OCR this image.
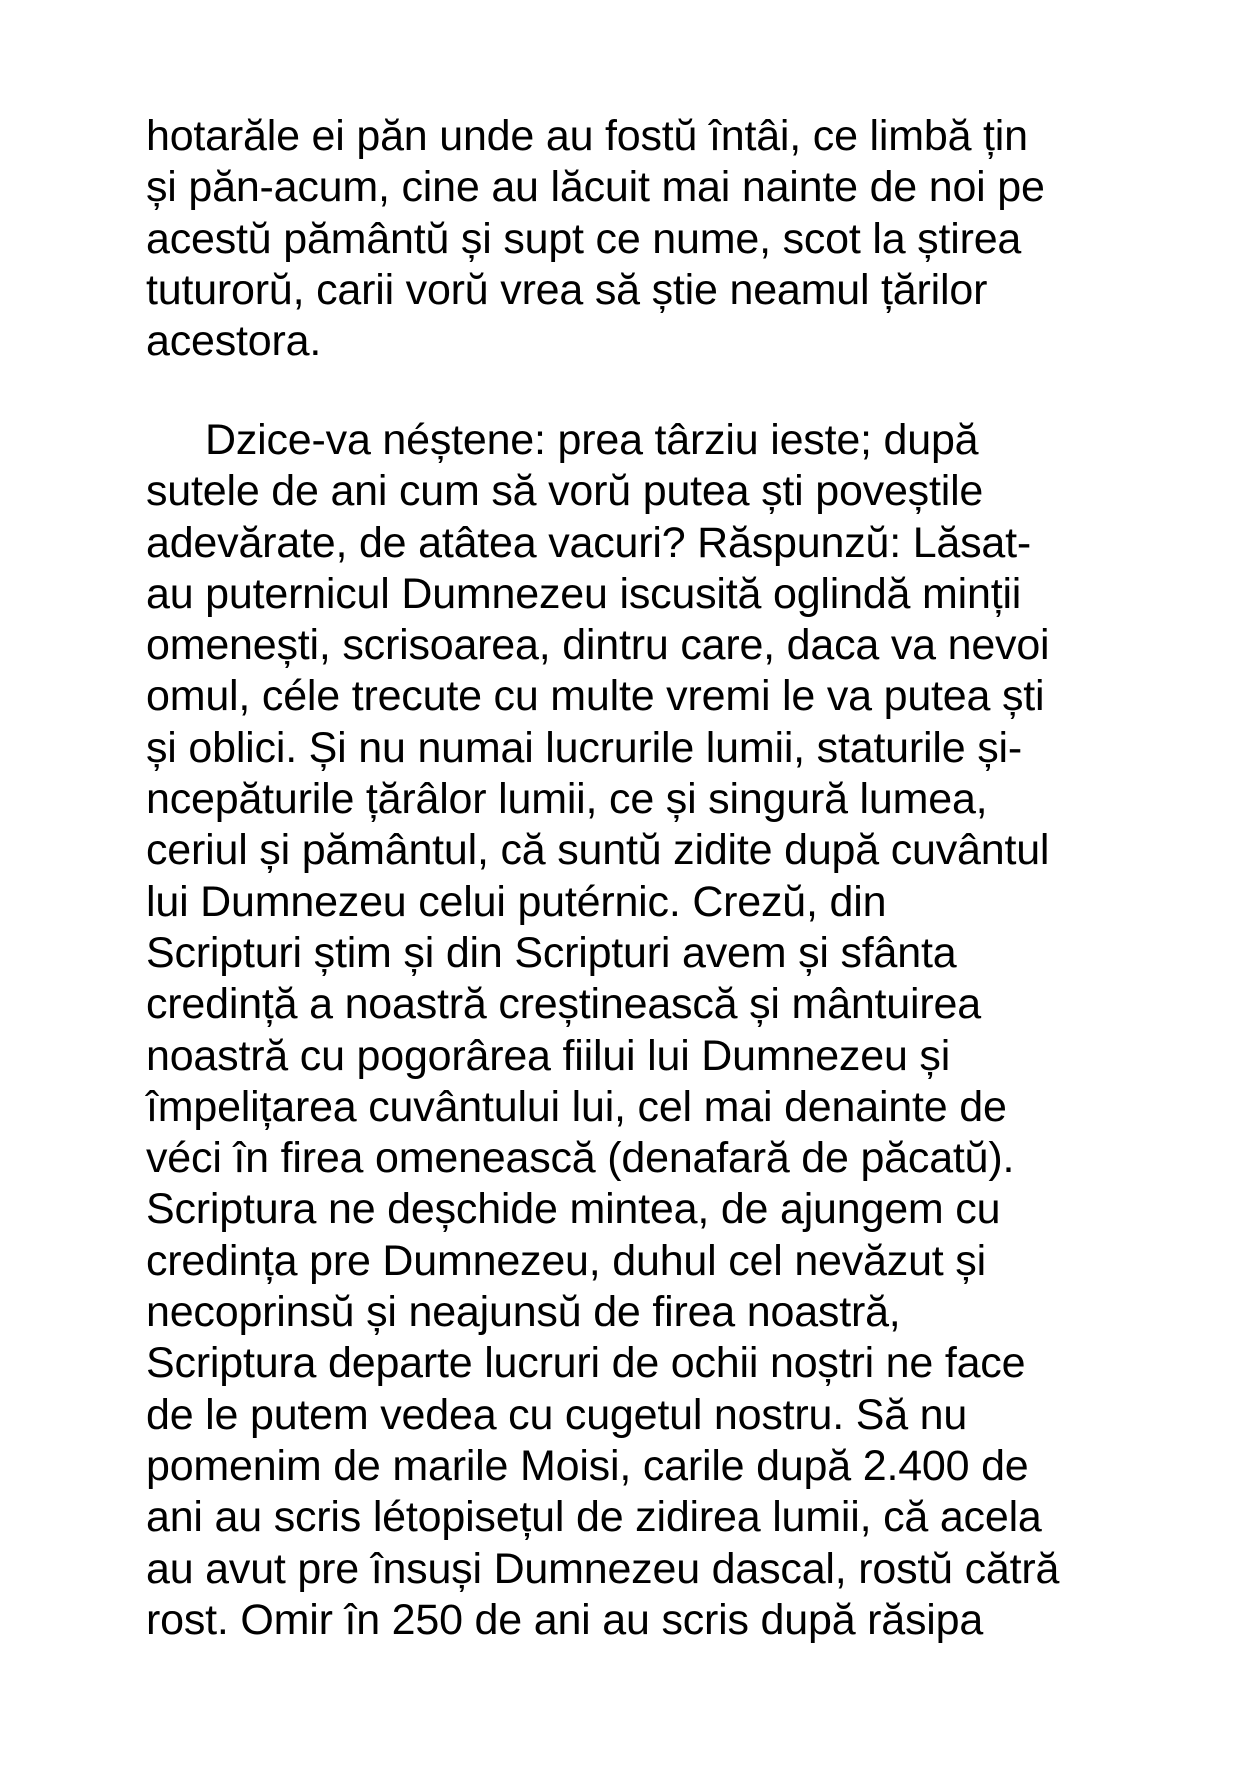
hotarăle ei păn unde au fostŭ întâi, ce limbă țin
și păn-acum, cine au lăcuit mai nainte de noi pe
acestŭ pământŭ și supt ce nume, scot la știrea
tuturorŭ, carii vorŭ vrea să știe neamul țărilor
acestora.
Dzice-va néștene: prea târziu ieste; după
sutele de ani cum să vorŭ putea ști poveștile
adevărate, de atâtea vacuri? Răspunzŭ: Lăsat-
au puternicul Dumnezeu iscusită oglindă minții
omenești, scrisoarea, dintru care, daca va nevoi
omul, céle trecute cu multe vremi le va putea ști
și oblici. Și nu numai lucrurile lumii, staturile și-
ncepăturile țărâlor lumii, ce și singură lumea,
ceriul și pământul, că suntŭ zidite după cuvântul
lui Dumnezeu celui putérnic. Crezŭ, din
Scripturi știm și din Scripturi avem și sfânta
credință a noastră creștinească și mântuirea
noastră cu pogorârea fiilui lui Dumnezeu și
împelițarea cuvântului lui, cel mai denainte de
véci în firea omenească (denafară de păcatŭ).
Scriptura ne deșchide mintea, de ajungem cu
credința pre Dumnezeu, duhul cel nevăzut și
necoprinsŭ și neajunsŭ de firea noastră,
Scriptura departe lucruri de ochii noștri ne face
de le putem vedea cu cugetul nostru. Să nu
pomenim de marile Moisi, carile după 2.400 de
ani au scris létopisețul de zidirea lumii, că acela
au avut pre însuși Dumnezeu dascal, rostŭ cătră
rost. Omir în 250 de ani au scris după răsipa
